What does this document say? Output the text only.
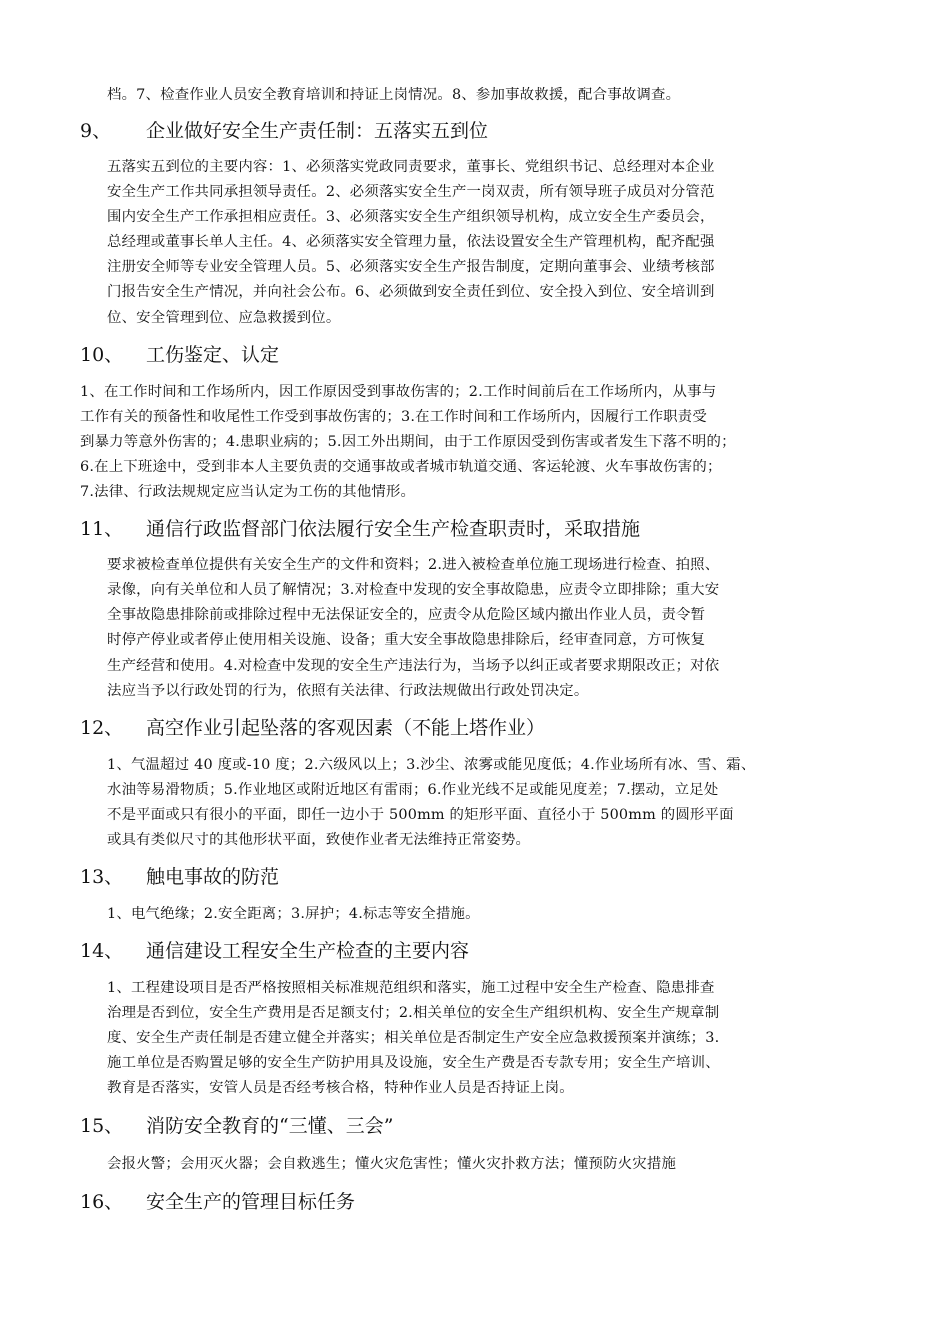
档。7、检查作业人员安全教育培训和持证上岗情况。8、参加事故救援，配合事故调查。
9、 企业做好安全生产责任制：五落实五到位
五落实五到位的主要内容：1、必须落实党政同责要求，董事长、党组织书记、总经理对本企业
安全生产工作共同承担领导责任。2、必须落实安全生产一岗双责，所有领导班子成员对分管范
围内安全生产工作承担相应责任。3、必须落实安全生产组织领导机构，成立安全生产委员会，
总经理或董事长单人主任。4、必须落实安全管理力量，依法设置安全生产管理机构，配齐配强
注册安全师等专业安全管理人员。5、必须落实安全生产报告制度，定期向董事会、业绩考核部
门报告安全生产情况，并向社会公布。6、必须做到安全责任到位、安全投入到位、安全培训到
位、安全管理到位、应急救援到位。
10、 工伤鉴定、认定
1、在工作时间和工作场所内，因工作原因受到事故伤害的；2.工作时间前后在工作场所内，从事与
工作有关的预备性和收尾性工作受到事故伤害的；3.在工作时间和工作场所内，因履行工作职责受
到暴力等意外伤害的；4.患职业病的；5.因工外出期间，由于工作原因受到伤害或者发生下落不明的；
6.在上下班途中，受到非本人主要负责的交通事故或者城市轨道交通、客运轮渡、火车事故伤害的；
7.法律、行政法规规定应当认定为工伤的其他情形。
11、 通信行政监督部门依法履行安全生产检查职责时，采取措施
要求被检查单位提供有关安全生产的文件和资料；2.进入被检查单位施工现场进行检查、拍照、
录像，向有关单位和人员了解情况；3.对检查中发现的安全事故隐患，应责令立即排除；重大安
全事故隐患排除前或排除过程中无法保证安全的，应责令从危险区域内撤出作业人员，责令暂
时停产停业或者停止使用相关设施、设备；重大安全事故隐患排除后，经审查同意，方可恢复
生产经营和使用。4.对检查中发现的安全生产违法行为，当场予以纠正或者要求期限改正；对依
法应当予以行政处罚的行为，依照有关法律、行政法规做出行政处罚决定。
12、 高空作业引起坠落的客观因素（不能上塔作业）
1、气温超过 40 度或-10 度；2.六级风以上；3.沙尘、浓雾或能见度低；4.作业场所有冰、雪、霜、
水油等易滑物质；5.作业地区或附近地区有雷雨；6.作业光线不足或能见度差；7.摆动，立足处
不是平面或只有很小的平面，即任一边小于 500mm 的矩形平面、直径小于 500mm 的圆形平面
或具有类似尺寸的其他形状平面，致使作业者无法维持正常姿势。
13、 触电事故的防范
1、电气绝缘；2.安全距离；3.屏护；4.标志等安全措施。
14、 通信建设工程安全生产检查的主要内容
1、工程建设项目是否严格按照相关标准规范组织和落实，施工过程中安全生产检查、隐患排查
治理是否到位，安全生产费用是否足额支付；2.相关单位的安全生产组织机构、安全生产规章制
度、安全生产责任制是否建立健全并落实；相关单位是否制定生产安全应急救援预案并演练；3.
施工单位是否购置足够的安全生产防护用具及设施，安全生产费是否专款专用；安全生产培训、
教育是否落实，安管人员是否经考核合格，特种作业人员是否持证上岗。
15、 消防安全教育的“三懂、三会”
会报火警；会用灭火器；会自救逃生；懂火灾危害性；懂火灾扑救方法；懂预防火灾措施
16、 安全生产的管理目标任务
